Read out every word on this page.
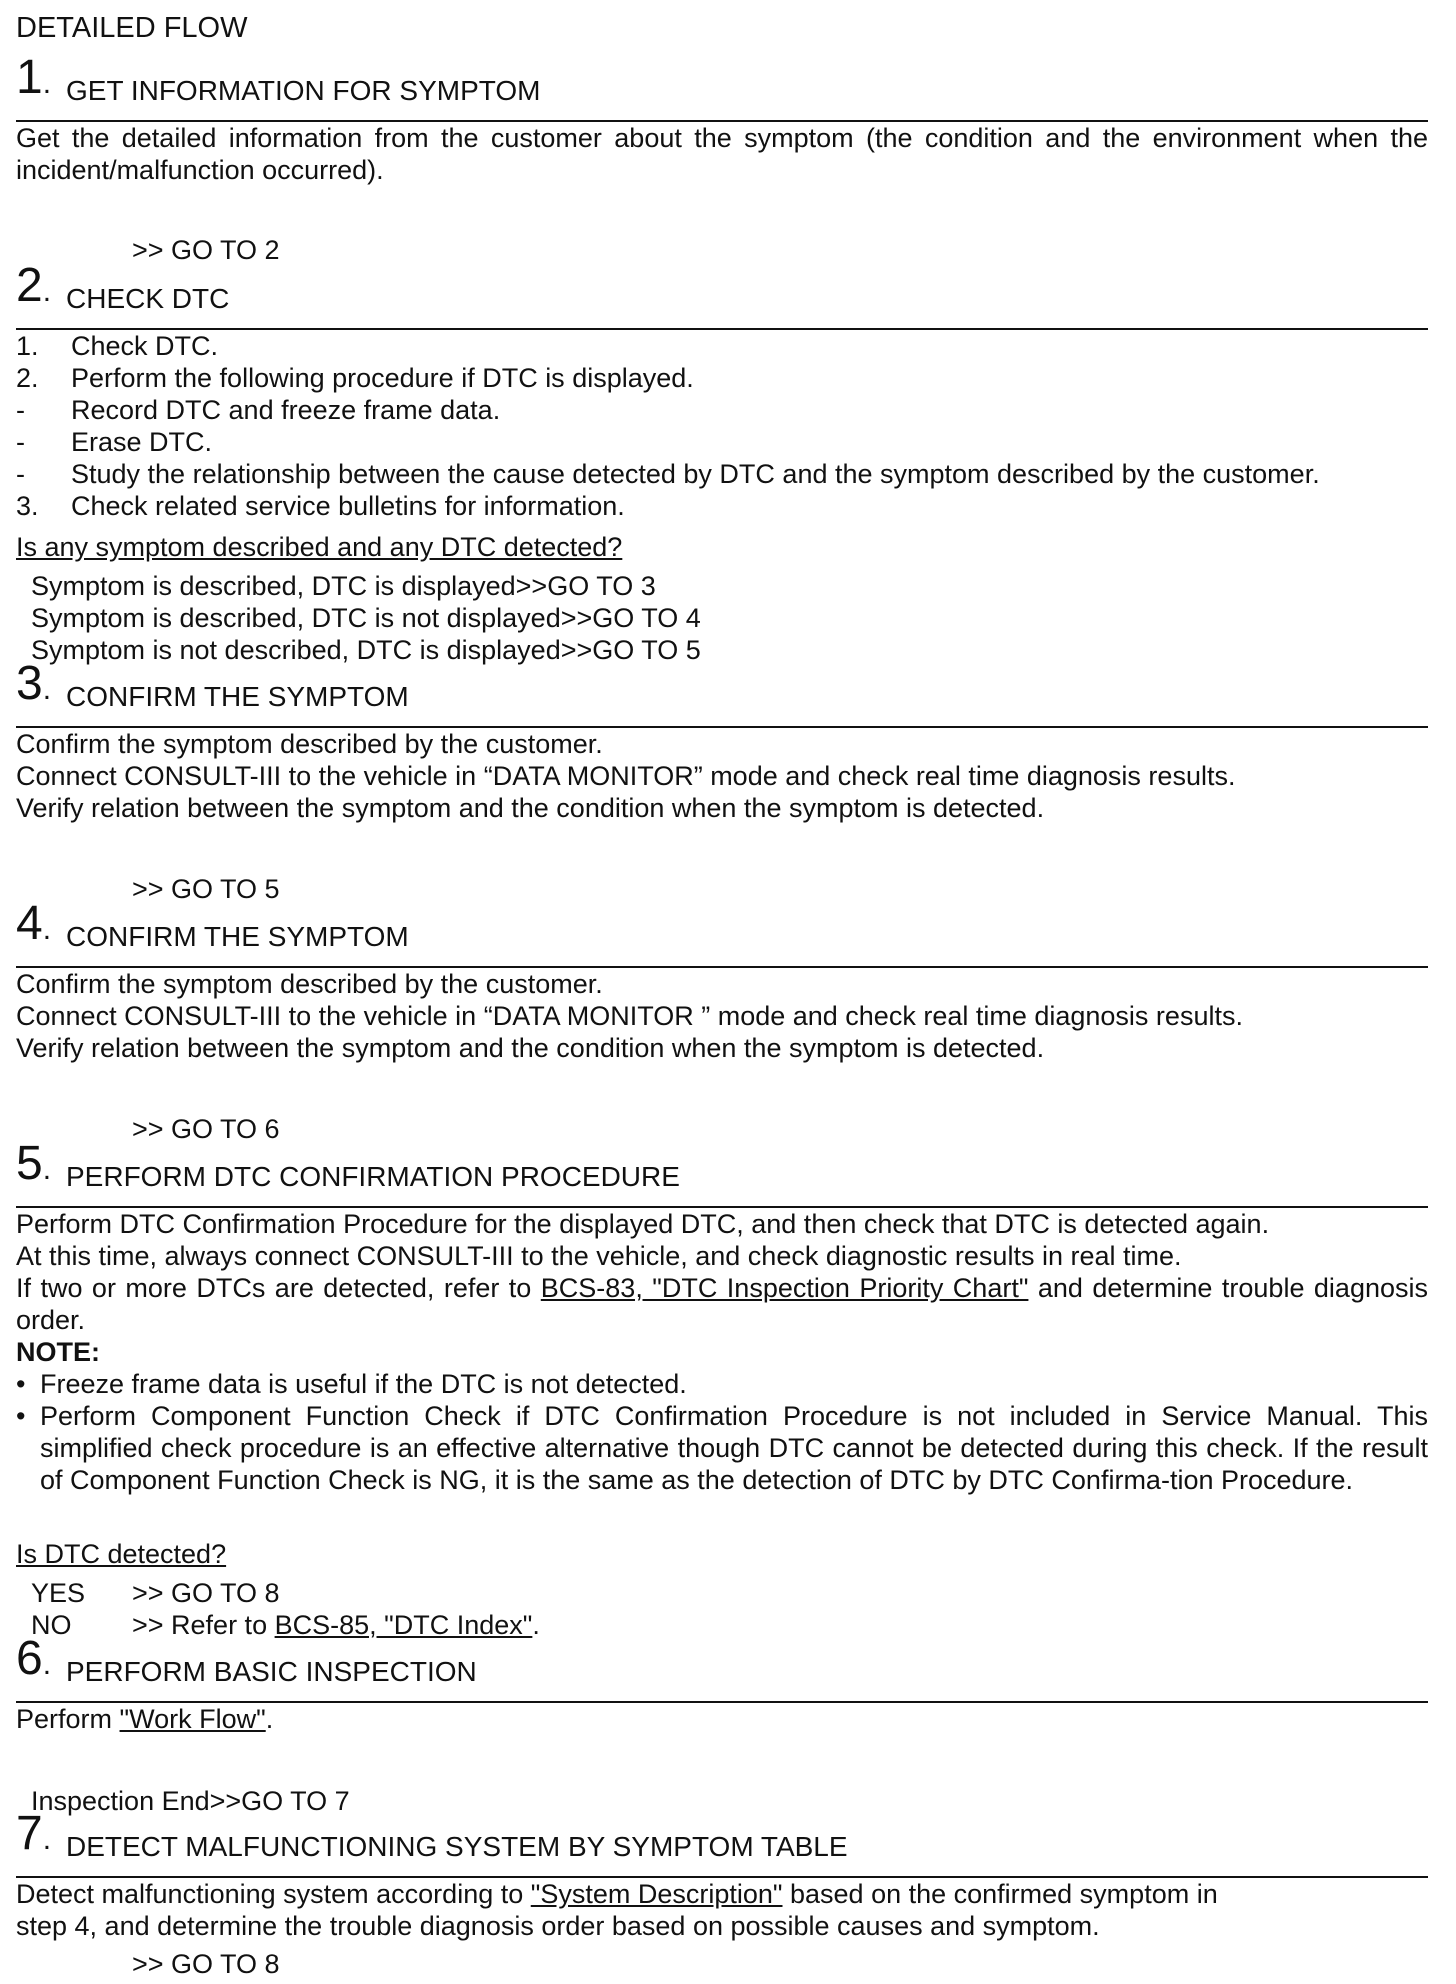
DETAILED FLOW
1. GET INFORMATION FOR SYMPTOM
Get the detailed information from the customer about the symptom (the condition and the environment when the incident/malfunction occurred).
>> GO TO 2
2. CHECK DTC
1. Check DTC.
2. Perform the following procedure if DTC is displayed.
- Record DTC and freeze frame data.
- Erase DTC.
- Study the relationship between the cause detected by DTC and the symptom described by the customer.
3. Check related service bulletins for information.
Is any symptom described and any DTC detected?
Symptom is described, DTC is displayed>>GO TO 3
Symptom is described, DTC is not displayed>>GO TO 4
Symptom is not described, DTC is displayed>>GO TO 5
3. CONFIRM THE SYMPTOM
Confirm the symptom described by the customer.
Connect CONSULT-III to the vehicle in “DATA MONITOR” mode and check real time diagnosis results.
Verify relation between the symptom and the condition when the symptom is detected.
>> GO TO 5
4. CONFIRM THE SYMPTOM
Confirm the symptom described by the customer.
Connect CONSULT-III to the vehicle in “DATA MONITOR ” mode and check real time diagnosis results.
Verify relation between the symptom and the condition when the symptom is detected.
>> GO TO 6
5. PERFORM DTC CONFIRMATION PROCEDURE
Perform DTC Confirmation Procedure for the displayed DTC, and then check that DTC is detected again.
At this time, always connect CONSULT-III to the vehicle, and check diagnostic results in real time.
If two or more DTCs are detected, refer to BCS-83, "DTC Inspection Priority Chart" and determine trouble diagnosis order.
NOTE:
• Freeze frame data is useful if the DTC is not detected.
• Perform Component Function Check if DTC Confirmation Procedure is not included in Service Manual. This simplified check procedure is an effective alternative though DTC cannot be detected during this check. If the result of Component Function Check is NG, it is the same as the detection of DTC by DTC Confirma-tion Procedure.
Is DTC detected?
YES >> GO TO 8
NO >> Refer to BCS-85, "DTC Index".
6. PERFORM BASIC INSPECTION
Perform "Work Flow".
Inspection End>>GO TO 7
7. DETECT MALFUNCTIONING SYSTEM BY SYMPTOM TABLE
Detect malfunctioning system according to "System Description" based on the confirmed symptom in
step 4, and determine the trouble diagnosis order based on possible causes and symptom.
>> GO TO 8
